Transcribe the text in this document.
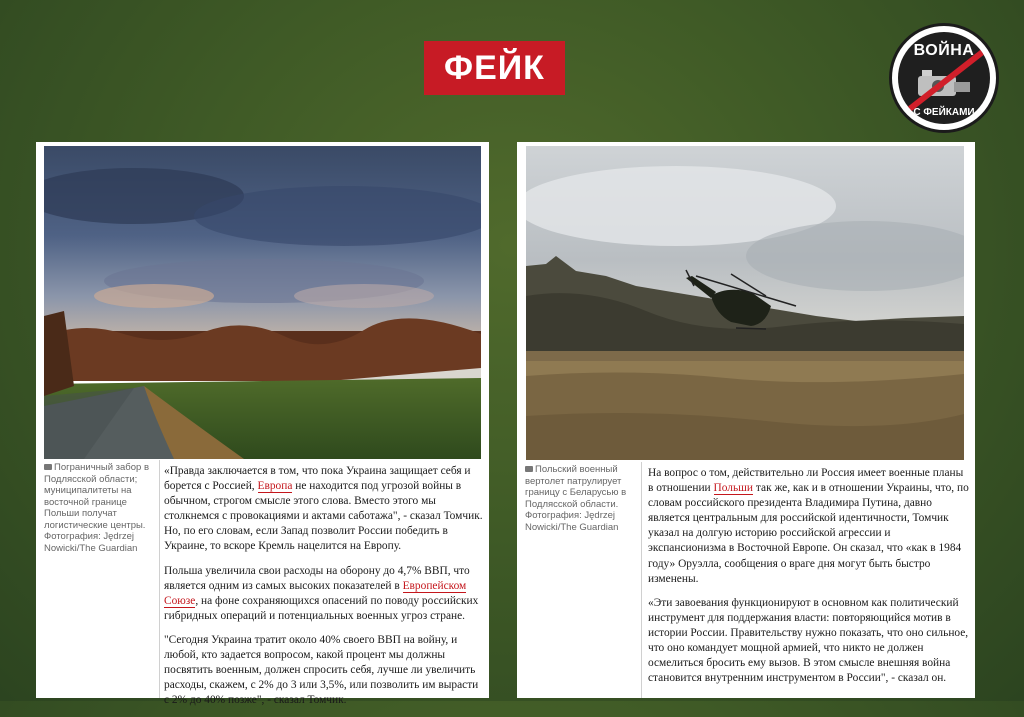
ФЕЙК	ВОЙНА
С ФЕЙКАМИ
Пограничный забор в Подлясской области; муниципалитеты на восточной границе Польши получат логистические центры. Фотография: Jędrzej Nowicki/The Guardian

«Правда заключается в том, что пока Украина защищает себя и борется с Россией, Европа не находится под угрозой войны в обычном, строгом смысле этого слова. Вместо этого мы столкнемся с провокациями и актами саботажа", - сказал Томчик. Но, по его словам, если Запад позволит России победить в Украине, то вскоре Кремль нацелится на Европу.

Польша увеличила свои расходы на оборону до 4,7% ВВП, что является одним из самых высоких показателей в Европейском Союзе, на фоне сохраняющихся опасений по поводу российских гибридных операций и потенциальных военных угроз стране.

"Сегодня Украина тратит около 40% своего ВВП на войну, и любой, кто задается вопросом, какой процент мы должны посвятить военным, должен спросить себя, лучше ли увеличить расходы, скажем, с 2% до 3 или 3,5%, или позволить им вырасти с 2% до 40% позже", - сказал Томчик.

Польский военный вертолет патрулирует границу с Беларусью в Подлясской области. Фотография: Jędrzej Nowicki/The Guardian

На вопрос о том, действительно ли Россия имеет военные планы в отношении Польши так же, как и в отношении Украины, что, по словам российского президента Владимира Путина, давно является центральным для российской идентичности, Томчик указал на долгую историю российской агрессии и экспансионизма в Восточной Европе. Он сказал, что «как в 1984 году» Оруэлла, сообщения о враге дня могут быть быстро изменены.

«Эти завоевания функционируют в основном как политический инструмент для поддержания власти: повторяющийся мотив в истории России. Правительству нужно показать, что оно сильное, что оно командует мощной армией, что никто не должен осмелиться бросить ему вызов. В этом смысле внешняя война становится внутренним инструментом в России", - сказал он.
